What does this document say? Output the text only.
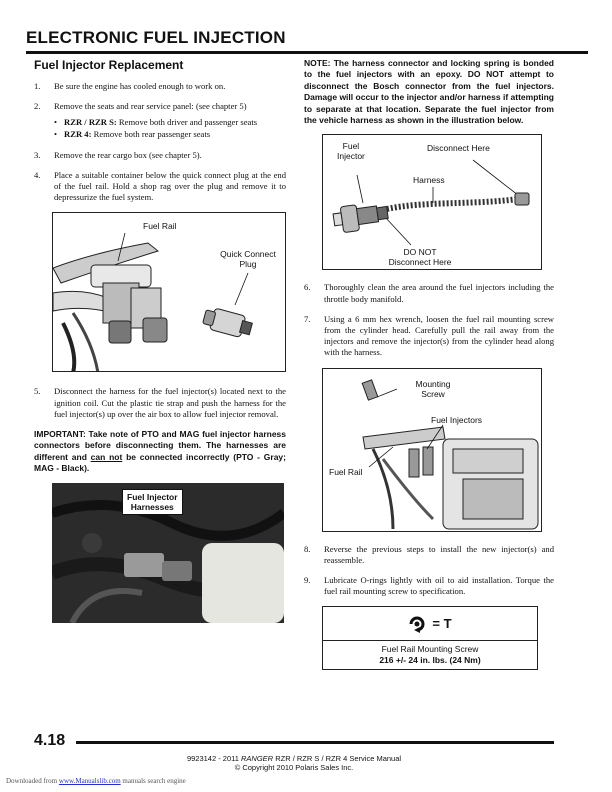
ELECTRONIC FUEL INJECTION
Fuel Injector Replacement
1.	Be sure the engine has cooled enough to work on.
2.	Remove the seats and rear service panel: (see chapter 5)
• RZR / RZR S: Remove both driver and passenger seats
• RZR 4: Remove both rear passenger seats
3.	Remove the rear cargo box (see chapter 5).
4.	Place a suitable container below the quick connect plug at the end of the fuel rail. Hold a shop rag over the plug and remove it to depressurize the fuel system.
Fuel Rail
Quick Connect
Plug
5.	Disconnect the harness for the fuel injector(s) located next to the ignition coil. Cut the plastic tie strap and push the harness for the fuel injector(s) up over the air box to allow fuel injector removal.

IMPORTANT: Take note of PTO and MAG fuel injector harness connectors before disconnecting them. The harnesses are different and can not be connected incorrectly (PTO - Gray; MAG - Black).

Fuel Injector
Harnesses

NOTE: The harness connector and locking spring is bonded to the fuel injectors with an epoxy. DO NOT attempt to disconnect the Bosch connector from the fuel injectors. Damage will occur to the injector and/or harness if attempting to separate at that location. Separate the fuel injector from the vehicle harness as shown in the illustration below.

Fuel
Injector
Disconnect Here
Harness
DO NOT
Disconnect Here
6.	Thoroughly clean the area around the fuel injectors including the throttle body manifold.
7.	Using a 6 mm hex wrench, loosen the fuel rail mounting screw from the cylinder head. Carefully pull the rail away from the injectors and remove the injector(s) from the cylinder head along with the harness.
Mounting
Screw
Fuel Injectors
Fuel Rail
8.	Reverse the previous steps to install the new injector(s) and reassemble.
9.	Lubricate O-rings lightly with oil to aid installation. Torque the fuel rail mounting screw to specification.
= T
Fuel Rail Mounting Screw
216 +/- 24 in. lbs. (24 Nm)
4.18
9923142 - 2011 RANGER RZR / RZR S / RZR 4 Service Manual
© Copyright 2010 Polaris Sales Inc.
Downloaded from www.Manualslib.com manuals search engine
